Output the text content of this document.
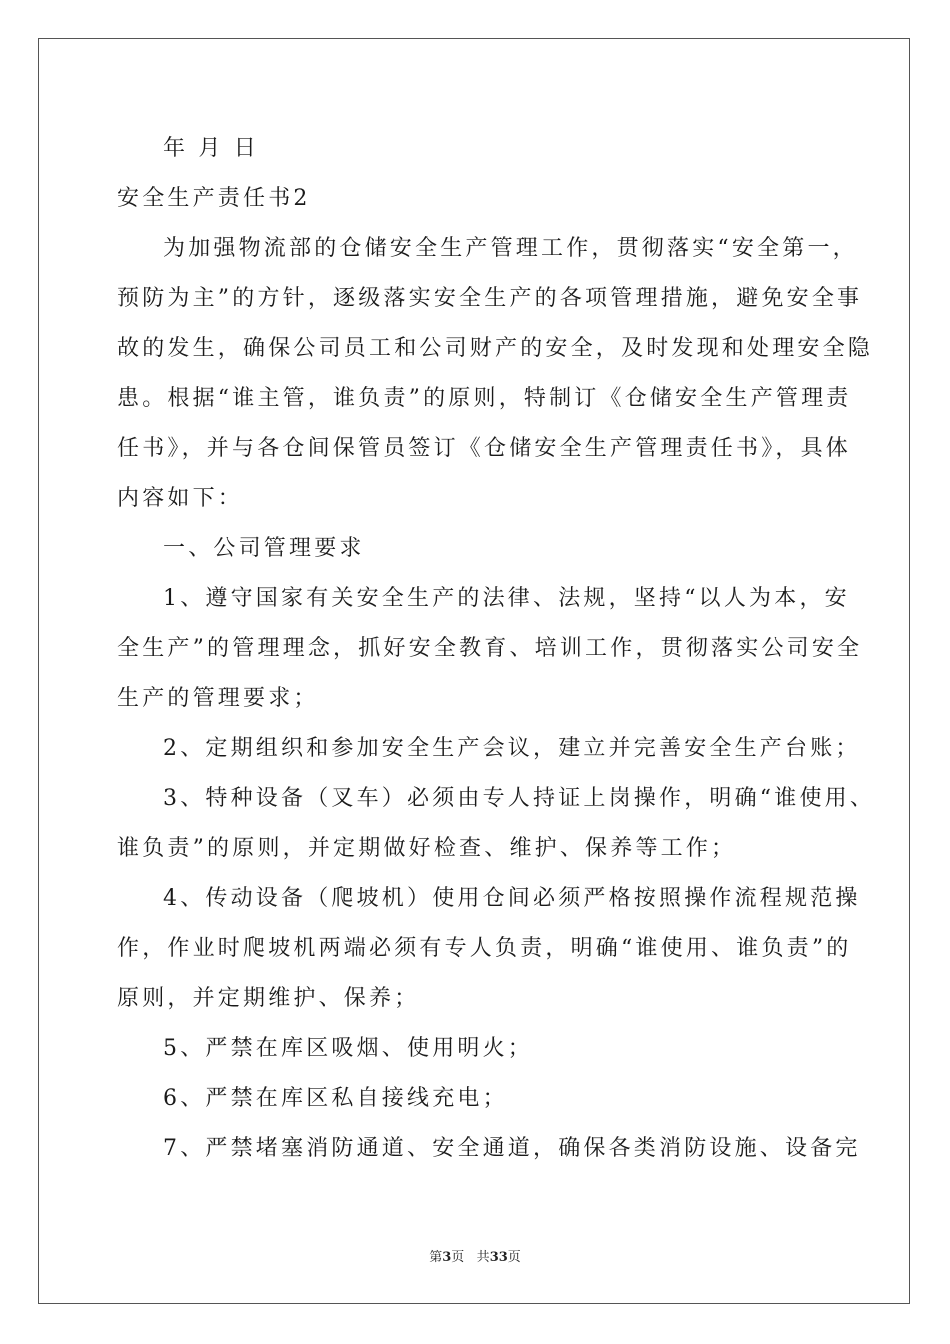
年 月 日
安全生产责任书2
为加强物流部的仓储安全生产管理工作，贯彻落实“安全第一，
预防为主”的方针，逐级落实安全生产的各项管理措施，避免安全事
故的发生，确保公司员工和公司财产的安全，及时发现和处理安全隐
患。根据“谁主管，谁负责”的原则，特制订《仓储安全生产管理责
任书》，并与各仓间保管员签订《仓储安全生产管理责任书》，具体
内容如下：
一、公司管理要求
1、遵守国家有关安全生产的法律、法规，坚持“以人为本，安
全生产”的管理理念，抓好安全教育、培训工作，贯彻落实公司安全
生产的管理要求；
2、定期组织和参加安全生产会议，建立并完善安全生产台账；
3、特种设备（叉车）必须由专人持证上岗操作，明确“谁使用、
谁负责”的原则，并定期做好检查、维护、保养等工作；
4、传动设备（爬坡机）使用仓间必须严格按照操作流程规范操
作，作业时爬坡机两端必须有专人负责，明确“谁使用、谁负责”的
原则，并定期维护、保养；
5、严禁在库区吸烟、使用明火；
6、严禁在库区私自接线充电；
7、严禁堵塞消防通道、安全通道，确保各类消防设施、设备完
第3页 共33页
